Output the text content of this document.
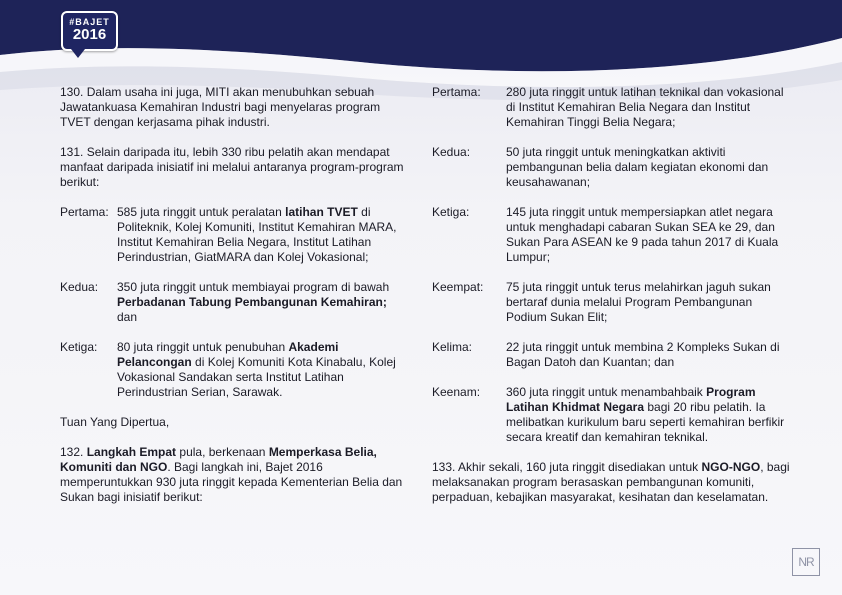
#BAJET
2016

130. Dalam usaha ini juga, MITI akan menubuhkan sebuah Jawatankuasa Kemahiran Industri bagi menyelaras program TVET dengan kerjasama pihak industri.

131. Selain daripada itu, lebih 330 ribu pelatih akan mendapat manfaat daripada inisiatif ini melalui antaranya program-program berikut:

Pertama: 585 juta ringgit untuk peralatan latihan TVET di Politeknik, Kolej Komuniti, Institut Kemahiran MARA, Institut Kemahiran Belia Negara, Institut Latihan Perindustrian, GiatMARA dan Kolej Vokasional;
Kedua:	350 juta ringgit untuk membiayai program di bawah Perbadanan Tabung Pembangunan Kemahiran; dan
Ketiga:	80 juta ringgit untuk penubuhan Akademi Pelancongan di Kolej Komuniti Kota Kinabalu, Kolej Vokasional Sandakan serta Institut Latihan Perindustrian Serian, Sarawak.

Tuan Yang Dipertua,

132. Langkah Empat pula, berkenaan Memperkasa Belia, Komuniti dan NGO. Bagi langkah ini, Bajet 2016 memperuntukkan 930 juta ringgit kepada Kementerian Belia dan Sukan bagi inisiatif berikut:

Pertama:	280 juta ringgit untuk latihan teknikal dan vokasional di Institut Kemahiran Belia Negara dan Institut Kemahiran Tinggi Belia Negara;
Kedua:	50 juta ringgit untuk meningkatkan aktiviti pembangunan belia dalam kegiatan ekonomi dan keusahawanan;
Ketiga:	145 juta ringgit untuk mempersiapkan atlet negara untuk menghadapi cabaran Sukan SEA ke 29, dan Sukan Para ASEAN ke 9 pada tahun 2017 di Kuala Lumpur;
Keempat:	75 juta ringgit untuk terus melahirkan jaguh sukan bertaraf dunia melalui Program Pembangunan Podium Sukan Elit;
Kelima:	22 juta ringgit untuk membina 2 Kompleks Sukan di Bagan Datoh dan Kuantan; dan
Keenam:	360 juta ringgit untuk menambahbaik Program Latihan Khidmat Negara bagi 20 ribu pelatih. Ia melibatkan kurikulum baru seperti kemahiran berfikir secara kreatif dan kemahiran teknikal.

133. Akhir sekali, 160 juta ringgit disediakan untuk NGO-NGO, bagi melaksanakan program berasaskan pembangunan komuniti, perpaduan, kebajikan masyarakat, kesihatan dan keselamatan.

NR
